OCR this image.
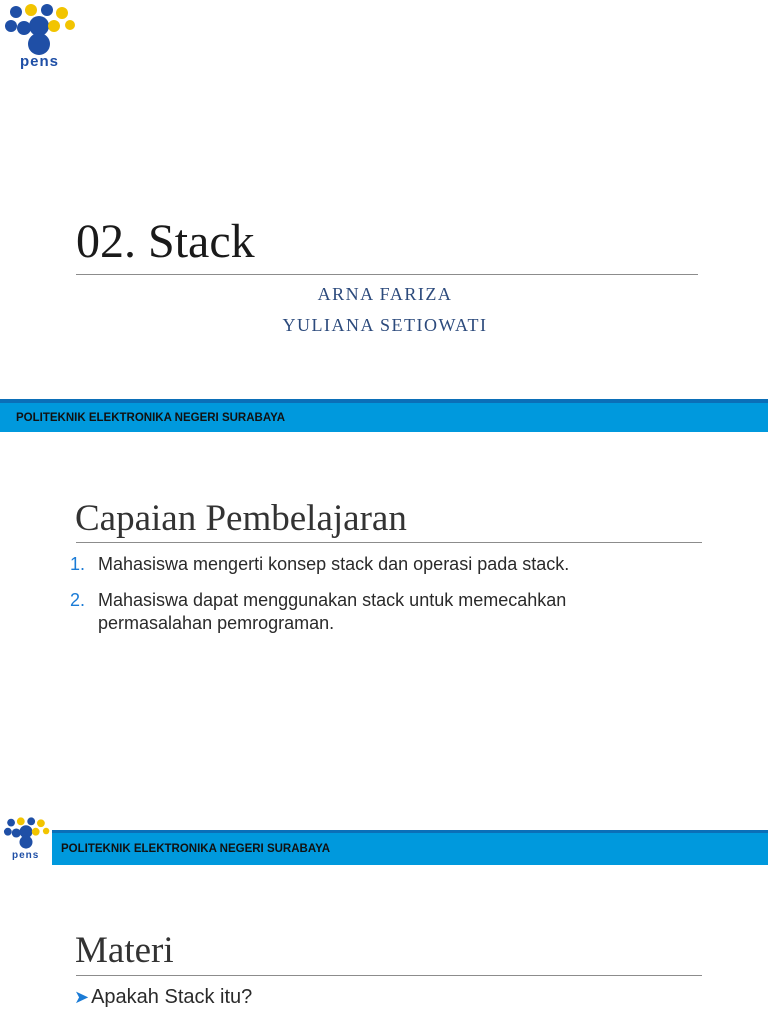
pens
02. Stack
ARNA FARIZA
YULIANA SETIOWATI
POLITEKNIK ELEKTRONIKA NEGERI SURABAYA
Capaian Pembelajaran
1. Mahasiswa mengerti konsep stack dan operasi pada stack.
2. Mahasiswa dapat menggunakan stack untuk memecahkan permasalahan pemrograman.
POLITEKNIK ELEKTRONIKA NEGERI SURABAYA
pens
Materi
➤ Apakah Stack itu?
